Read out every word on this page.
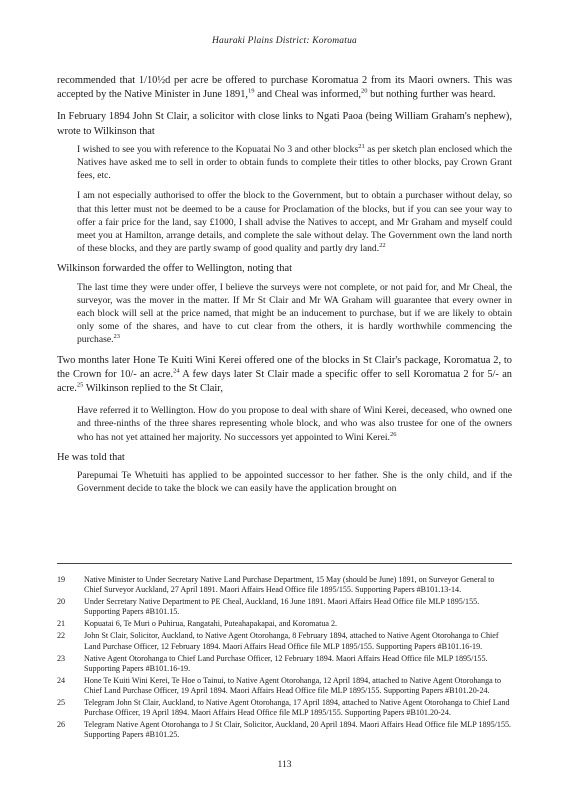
Hauraki Plains District: Koromatua

recommended that 1/10½d per acre be offered to purchase Koromatua 2 from its Maori owners. This was accepted by the Native Minister in June 1891,19 and Cheal was informed,$^{20}$ but nothing further was heard.

In February 1894 John St Clair, a solicitor with close links to Ngati Paoa (being William Graham's nephew), wrote to Wilkinson that

I wished to see you with reference to the Kopuatai No 3 and other blocks$^{21}$ as per sketch plan enclosed which the Natives have asked me to sell in order to obtain funds to complete their titles to other blocks, pay Crown Grant fees, etc.

I am not especially authorised to offer the block to the Government, but to obtain a purchaser without delay, so that this letter must not be deemed to be a cause for Proclamation of the blocks, but if you can see your way to offer a fair price for the land, say £1000, I shall advise the Natives to accept, and Mr Graham and myself could meet you at Hamilton, arrange details, and complete the sale without delay. The Government own the land north of these blocks, and they are partly swamp of good quality and partly dry land.$^{22}$

Wilkinson forwarded the offer to Wellington, noting that

The last time they were under offer, I believe the surveys were not complete, or not paid for, and Mr Cheal, the surveyor, was the mover in the matter. If Mr St Clair and Mr WA Graham will guarantee that every owner in each block will sell at the price named, that might be an inducement to purchase, but if we are likely to obtain only some of the shares, and have to cut clear from the others, it is hardly worthwhile commencing the purchase.$^{23}$

Two months later Hone Te Kuiti Wini Kerei offered one of the blocks in St Clair's package, Koromatua 2, to the Crown for 10/- an acre.$^{24}$ A few days later St Clair made a specific offer to sell Koromatua 2 for 5/- an acre.$^{25}$ Wilkinson replied to the St Clair,

Have referred it to Wellington. How do you propose to deal with share of Wini Kerei, deceased, who owned one and three-ninths of the three shares representing whole block, and who was also trustee for one of the owners who has not yet attained her majority. No successors yet appointed to Wini Kerei.$^{26}$

He was told that

Parepumai Te Whetuiti has applied to be appointed successor to her father. She is the only child, and if the Government decide to take the block we can easily have the application brought on

19	Native Minister to Under Secretary Native Land Purchase Department, 15 May (should be June) 1891, on Surveyor General to Chief Surveyor Auckland, 27 April 1891. Maori Affairs Head Office file 1895/155. Supporting Papers #B101.13-14.
20	Under Secretary Native Department to PE Cheal, Auckland, 16 June 1891. Maori Affairs Head Office file MLP 1895/155. Supporting Papers #B101.15.
21	Kopuatai 6, Te Muri o Puhirua, Rangatahi, Puteahapakapai, and Koromatua 2.
22	John St Clair, Solicitor, Auckland, to Native Agent Otorohanga, 8 February 1894, attached to Native Agent Otorohanga to Chief Land Purchase Officer, 12 February 1894. Maori Affairs Head Office file MLP 1895/155. Supporting Papers #B101.16-19.
23	Native Agent Otorohanga to Chief Land Purchase Officer, 12 February 1894. Maori Affairs Head Office file MLP 1895/155. Supporting Papers #B101.16-19.
24	Hone Te Kuiti Wini Kerei, Te Hoe o Tainui, to Native Agent Otorohanga, 12 April 1894, attached to Native Agent Otorohanga to Chief Land Purchase Officer, 19 April 1894. Maori Affairs Head Office file MLP 1895/155. Supporting Papers #B101.20-24.
25	Telegram John St Clair, Auckland, to Native Agent Otorohanga, 17 April 1894, attached to Native Agent Otorohanga to Chief Land Purchase Officer, 19 April 1894. Maori Affairs Head Office file MLP 1895/155. Supporting Papers #B101.20-24.
26	Telegram Native Agent Otorohanga to J St Clair, Solicitor, Auckland, 20 April 1894. Maori Affairs Head Office file MLP 1895/155. Supporting Papers #B101.25.
113
